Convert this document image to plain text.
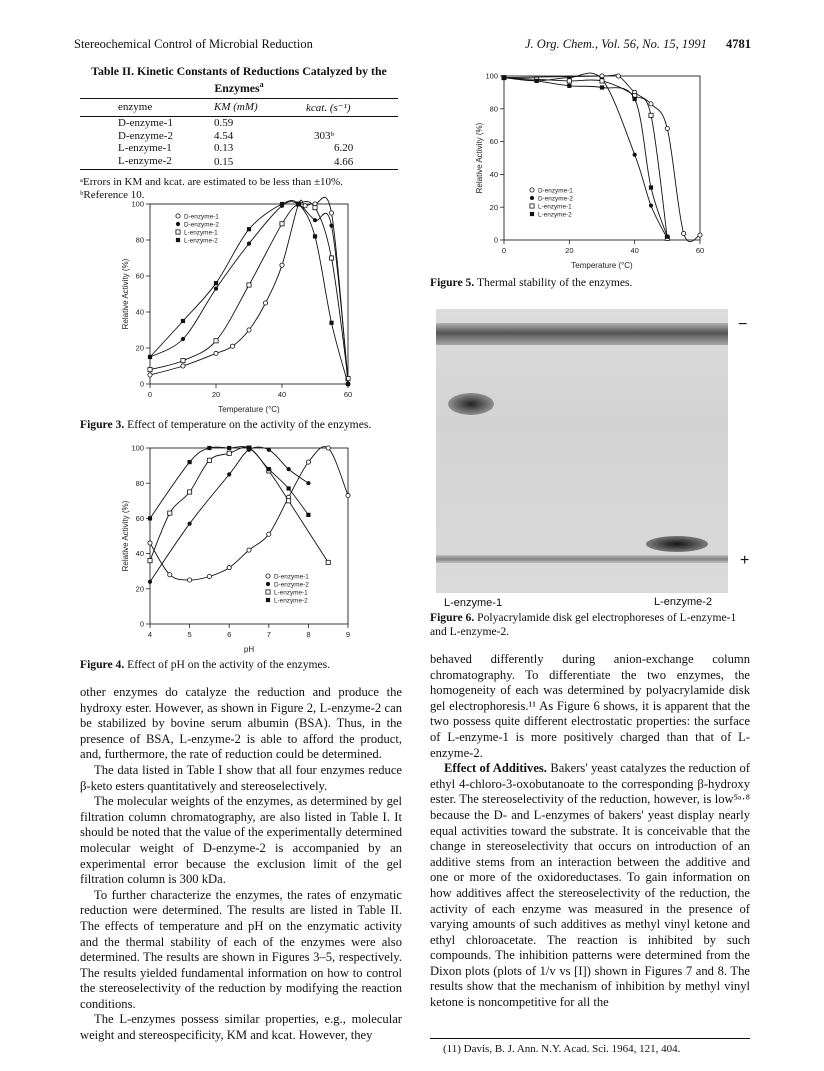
Stereochemical Control of Microbial Reduction	J. Org. Chem., Vol. 56, No. 15, 1991 4781
Table II. Kinetic Constants of Reductions Catalyzed by the Enzymes$^a$
enzyme	KM (mM)	kcat. (s⁻¹)
D-enzyme-1	0.59	
D-enzyme-2	4.54	303ᵇ
L-enzyme-1	0.13	6.20
L-enzyme-2	0.15	4.66
ᵃErrors in KM and kcat. are estimated to be less than ±10%.
ᵇReference 10.
0	20	40	60
0
20
40
60
80
100
Temperature (°C)
Relative Activity (%)
D-enzyme-1
D-enzyme-2
L-enzyme-1
L-enzyme-2
Figure 3. Effect of temperature on the activity of the enzymes.
4	5	6	7	8	9
0
20
40
60
80
100
pH
Relative Activity (%)
D-enzyme-1
D-enzyme-2
L-enzyme-1
L-enzyme-2
Figure 4. Effect of pH on the activity of the enzymes.

other enzymes do catalyze the reduction and produce the hydroxy ester. However, as shown in Figure 2, L-enzyme-2 can be stabilized by bovine serum albumin (BSA). Thus, in the presence of BSA, L-enzyme-2 is able to afford the product, and, furthermore, the rate of reduction could be determined.

The data listed in Table I show that all four enzymes reduce β-keto esters quantitatively and stereoselectively.

The molecular weights of the enzymes, as determined by gel filtration column chromatography, are also listed in Table I. It should be noted that the value of the experimentally determined molecular weight of D-enzyme-2 is accompanied by an experimental error because the exclusion limit of the gel filtration column is 300 kDa.

To further characterize the enzymes, the rates of enzymatic reduction were determined. The results are listed in Table II. The effects of temperature and pH on the enzymatic activity and the thermal stability of each of the enzymes were also determined. The results are shown in Figures 3–5, respectively. The results yielded fundamental information on how to control the stereoselectivity of the reduction by modifying the reaction conditions.

The L-enzymes possess similar properties, e.g., molecular weight and stereospecificity, KM and kcat. However, they

0	20	40	60
0
20
40
60
80
100
Temperature (°C)
Relative Activity (%)	D-enzyme-1
D-enzyme-2
L-enzyme-1
L-enzyme-2
Figure 5. Thermal stability of the enzymes.
−
+
L-enzyme-1	L-enzyme-2
Figure 6. Polyacrylamide disk gel electrophoreses of L-enzyme-1 and L-enzyme-2.

behaved differently during anion-exchange column chromatography. To differentiate the two enzymes, the homogeneity of each was determined by polyacrylamide disk gel electrophoresis.¹¹ As Figure 6 shows, it is apparent that the two possess quite different electrostatic properties: the surface of L-enzyme-1 is more positively charged than that of L-enzyme-2.

Effect of Additives. Bakers' yeast catalyzes the reduction of ethyl 4-chloro-3-oxobutanoate to the corresponding β-hydroxy ester. The stereoselectivity of the reduction, however, is low⁵ᵃ·⁸ because the D- and L-enzymes of bakers' yeast display nearly equal activities toward the substrate. It is conceivable that the change in stereoselectivity that occurs on introduction of an additive stems from an interaction between the additive and one or more of the oxidoreductases. To gain information on how additives affect the stereoselectivity of the reduction, the activity of each enzyme was measured in the presence of varying amounts of such additives as methyl vinyl ketone and ethyl chloroacetate. The reaction is inhibited by such compounds. The inhibition patterns were determined from the Dixon plots (plots of 1/v vs [I]) shown in Figures 7 and 8. The results show that the mechanism of inhibition by methyl vinyl ketone is noncompetitive for all the

(11) Davis, B. J. Ann. N.Y. Acad. Sci. 1964, 121, 404.
